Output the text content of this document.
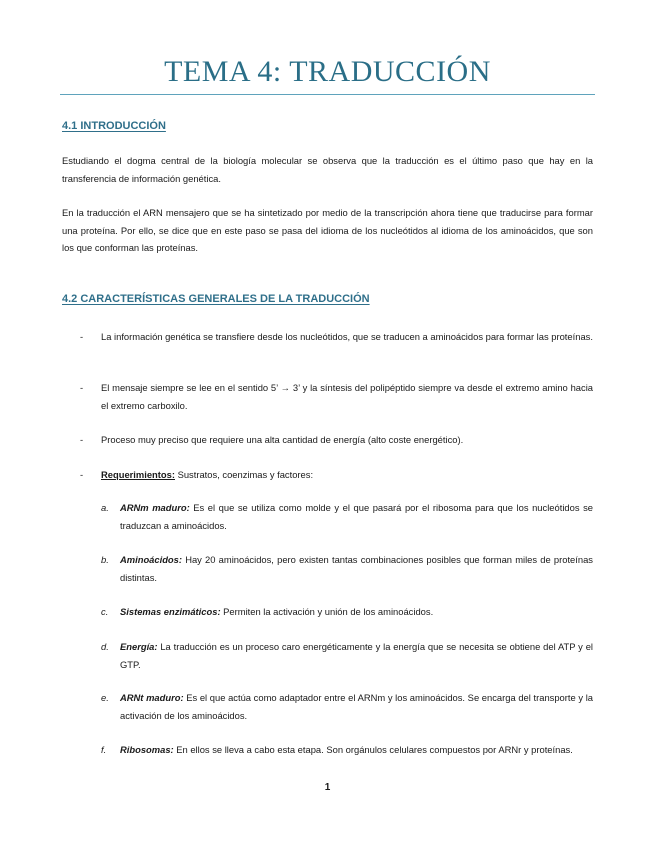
TEMA 4: TRADUCCIÓN
4.1 INTRODUCCIÓN

Estudiando el dogma central de la biología molecular se observa que la traducción es el último paso que hay en la transferencia de información genética.

En la traducción el ARN mensajero que se ha sintetizado por medio de la transcripción ahora tiene que traducirse para formar una proteína. Por ello, se dice que en este paso se pasa del idioma de los nucleótidos al idioma de los aminoácidos, que son los que conforman las proteínas.

4.2 CARACTERÍSTICAS GENERALES DE LA TRADUCCIÓN
- La información genética se transfiere desde los nucleótidos, que se traducen a aminoácidos para formar las proteínas.

- El mensaje siempre se lee en el sentido 5’ → 3’ y la síntesis del polipéptido siempre va desde el extremo amino hacia el extremo carboxilo.

- Proceso muy preciso que requiere una alta cantidad de energía (alto coste energético).

- Requerimientos: Sustratos, coenzimas y factores:

a. ARNm maduro: Es el que se utiliza como molde y el que pasará por el ribosoma para que los nucleótidos se traduzcan a aminoácidos.

b. Aminoácidos: Hay 20 aminoácidos, pero existen tantas combinaciones posibles que forman miles de proteínas distintas.

c. Sistemas enzimáticos: Permiten la activación y unión de los aminoácidos.

d. Energía: La traducción es un proceso caro energéticamente y la energía que se necesita se obtiene del ATP y el GTP.

e. ARNt maduro: Es el que actúa como adaptador entre el ARNm y los aminoácidos. Se encarga del transporte y la activación de los aminoácidos.

f. Ribosomas: En ellos se lleva a cabo esta etapa. Son orgánulos celulares compuestos por ARNr y proteínas.

1
